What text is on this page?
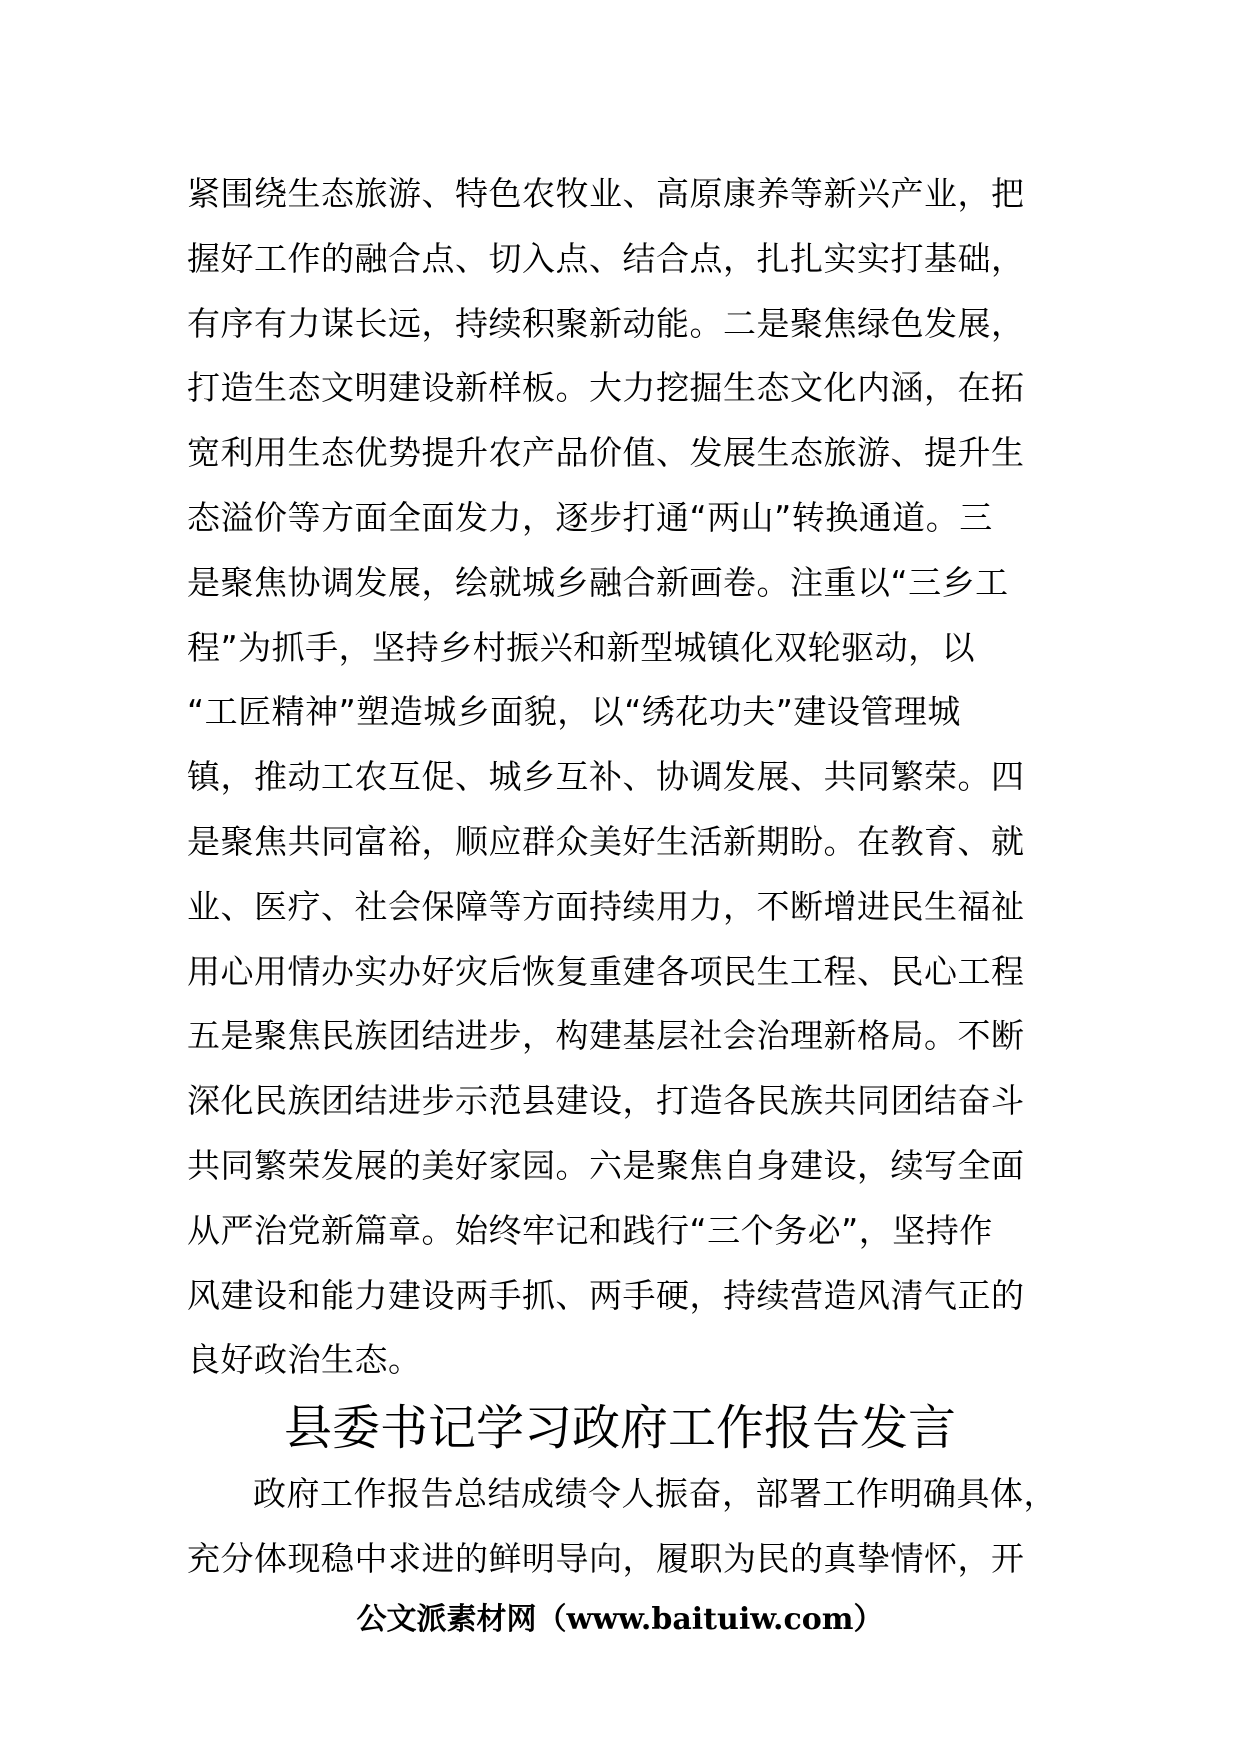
紧围绕生态旅游、特色农牧业、高原康养等新兴产业，把
握好工作的融合点、切入点、结合点，扎扎实实打基础，
有序有力谋长远，持续积聚新动能。二是聚焦绿色发展，
打造生态文明建设新样板。大力挖掘生态文化内涵，在拓
宽利用生态优势提升农产品价值、发展生态旅游、提升生
态溢价等方面全面发力，逐步打通“两山”转换通道。三
是聚焦协调发展，绘就城乡融合新画卷。注重以“三乡工
程”为抓手，坚持乡村振兴和新型城镇化双轮驱动，以
“工匠精神”塑造城乡面貌，以“绣花功夫”建设管理城
镇，推动工农互促、城乡互补、协调发展、共同繁荣。四
是聚焦共同富裕，顺应群众美好生活新期盼。在教育、就
业、医疗、社会保障等方面持续用力，不断增进民生福祉
用心用情办实办好灾后恢复重建各项民生工程、民心工程
五是聚焦民族团结进步，构建基层社会治理新格局。不断
深化民族团结进步示范县建设，打造各民族共同团结奋斗
共同繁荣发展的美好家园。六是聚焦自身建设，续写全面
从严治党新篇章。始终牢记和践行“三个务必”，坚持作
风建设和能力建设两手抓、两手硬，持续营造风清气正的
良好政治生态。
县委书记学习政府工作报告发言
政府工作报告总结成绩令人振奋，部署工作明确具体，
充分体现稳中求进的鲜明导向，履职为民的真挚情怀，开
公文派素材网（www.baituiw.com）
